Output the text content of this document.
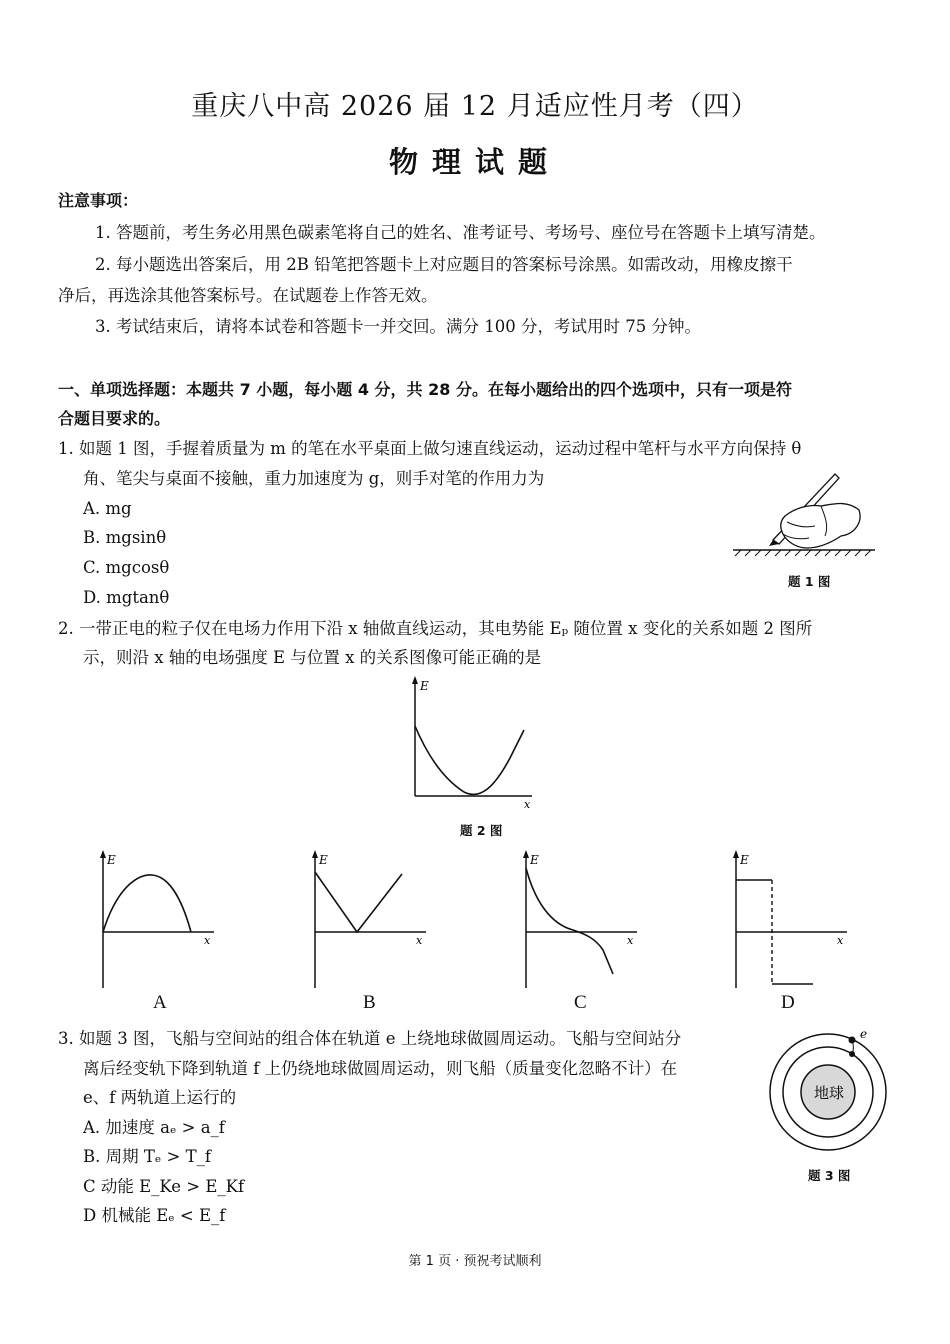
重庆八中高 2026 届 12 月适应性月考（四）
物理试题
注意事项：
1. 答题前，考生务必用黑色碳素笔将自己的姓名、准考证号、考场号、座位号在答题卡上填写清楚。
2. 每小题选出答案后，用 2B 铅笔把答题卡上对应题目的答案标号涂黑。如需改动，用橡皮擦干
净后，再选涂其他答案标号。在试题卷上作答无效。
3. 考试结束后，请将本试卷和答题卡一并交回。满分 100 分，考试用时 75 分钟。
一、单项选择题：本题共 7 小题，每小题 4 分，共 28 分。在每小题给出的四个选项中，只有一项是符
合题目要求的。
1. 如题 1 图，手握着质量为 m 的笔在水平桌面上做匀速直线运动，运动过程中笔杆与水平方向保持 θ
角、笔尖与桌面不接触，重力加速度为 g，则手对笔的作用力为
A. mg
B. mgsinθ
C. mgcosθ
D. mgtanθ
题 1 图
2. 一带正电的粒子仅在电场力作用下沿 x 轴做直线运动，其电势能 Eₚ 随位置 x 变化的关系如题 2 图所
示，则沿 x 轴的电场强度 E 与位置 x 的关系图像可能正确的是
E
x
题 2 图
E
x
A
E
x
B
E
x
C
E
x
D
3. 如题 3 图，飞船与空间站的组合体在轨道 e 上绕地球做圆周运动。飞船与空间站分
离后经变轨下降到轨道 f 上仍绕地球做圆周运动，则飞船（质量变化忽略不计）在
e、f 两轨道上运行的
A. 加速度 aₑ > a_f
B. 周期 Tₑ > T_f
C 动能 E_Ke > E_Kf
D 机械能 Eₑ < E_f
地球
e
题 3 图
第 1 页 · 预祝考试顺利
